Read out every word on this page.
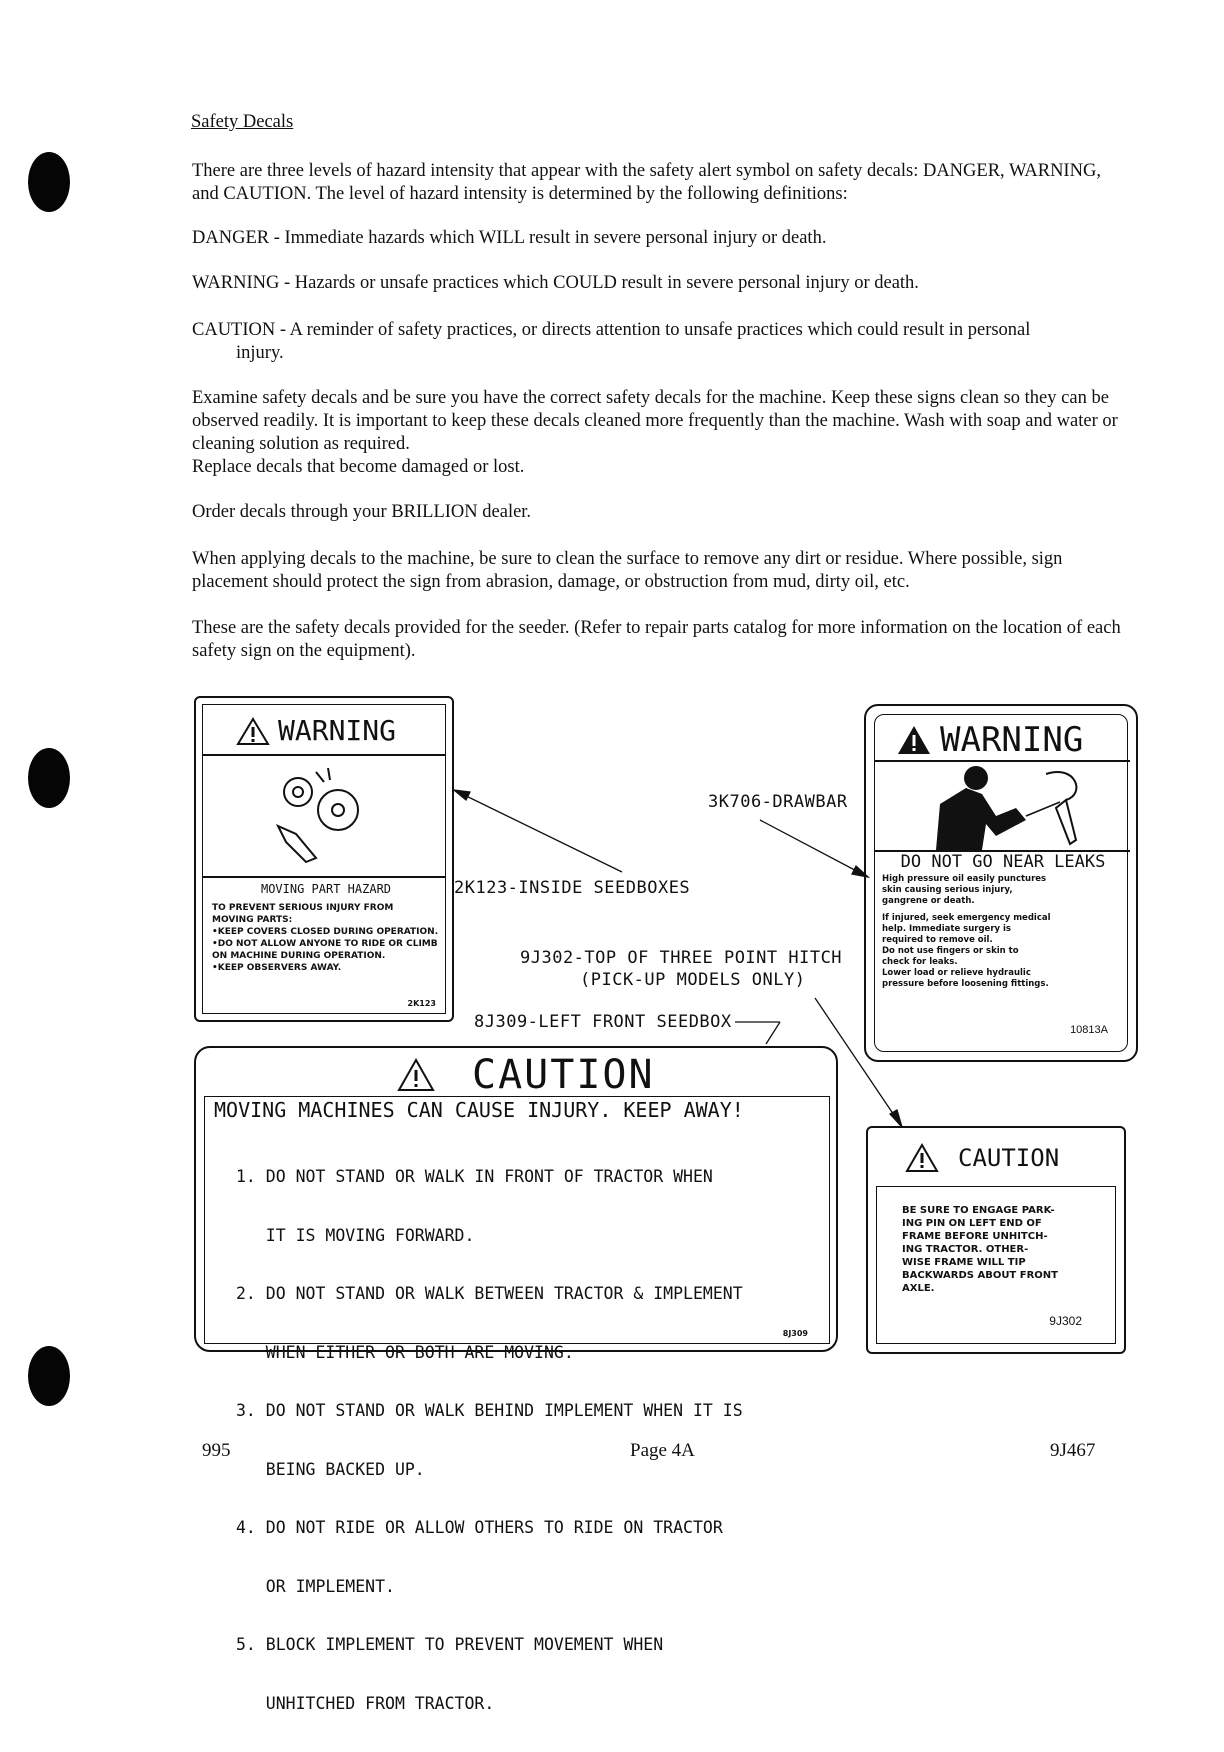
Safety Decals
There are three levels of hazard intensity that appear with the safety alert symbol on safety decals: DANGER, WARNING, and CAUTION. The level of hazard intensity is determined by the following definitions:
DANGER - Immediate hazards which WILL result in severe personal injury or death.
WARNING - Hazards or unsafe practices which COULD result in severe personal injury or death.
CAUTION - A reminder of safety practices, or directs attention to unsafe practices which could result in personal
injury.
Examine safety decals and be sure you have the correct safety decals for the machine. Keep these signs clean so they can be observed readily. It is important to keep these decals cleaned more frequently than the machine. Wash with soap and water or cleaning solution as required.
Replace decals that become damaged or lost.
Order decals through your BRILLION dealer.
When applying decals to the machine, be sure to clean the surface to remove any dirt or residue. Where possible, sign placement should protect the sign from abrasion, damage, or obstruction from mud, dirty oil, etc.
These are the safety decals provided for the seeder. (Refer to repair parts catalog for more information on the location of each safety sign on the equipment).
WARNING
MOVING PART HAZARD
TO PREVENT SERIOUS INJURY FROM
MOVING PARTS:
•KEEP COVERS CLOSED DURING OPERATION.
•DO NOT ALLOW ANYONE TO RIDE OR CLIMB
ON MACHINE DURING OPERATION.
•KEEP OBSERVERS AWAY.
2K123
WARNING
DO NOT GO NEAR LEAKS
High pressure oil easily punctures
skin causing serious injury,
gangrene or death.
If injured, seek emergency medical
help. Immediate surgery is
required to remove oil.
Do not use fingers or skin to
check for leaks.
Lower load or relieve hydraulic
pressure before loosening fittings.
10813A
3K706-DRAWBAR
2K123-INSIDE SEEDBOXES
9J302-TOP OF THREE POINT HITCH
(PICK-UP MODELS ONLY)
8J309-LEFT FRONT SEEDBOX
CAUTION
MOVING MACHINES CAN CAUSE INJURY. KEEP AWAY!

1. DO NOT STAND OR WALK IN FRONT OF TRACTOR WHEN

IT IS MOVING FORWARD.

2. DO NOT STAND OR WALK BETWEEN TRACTOR & IMPLEMENT

WHEN EITHER OR BOTH ARE MOVING.

3. DO NOT STAND OR WALK BEHIND IMPLEMENT WHEN IT IS

BEING BACKED UP.

4. DO NOT RIDE OR ALLOW OTHERS TO RIDE ON TRACTOR

OR IMPLEMENT.

5. BLOCK IMPLEMENT TO PREVENT MOVEMENT WHEN

UNHITCHED FROM TRACTOR.

8J309
CAUTION
BE SURE TO ENGAGE PARK-
ING PIN ON LEFT END OF
FRAME BEFORE UNHITCH-
ING TRACTOR. OTHER-
WISE FRAME WILL TIP
BACKWARDS ABOUT FRONT
AXLE.
9J302
995	Page 4A	9J467
